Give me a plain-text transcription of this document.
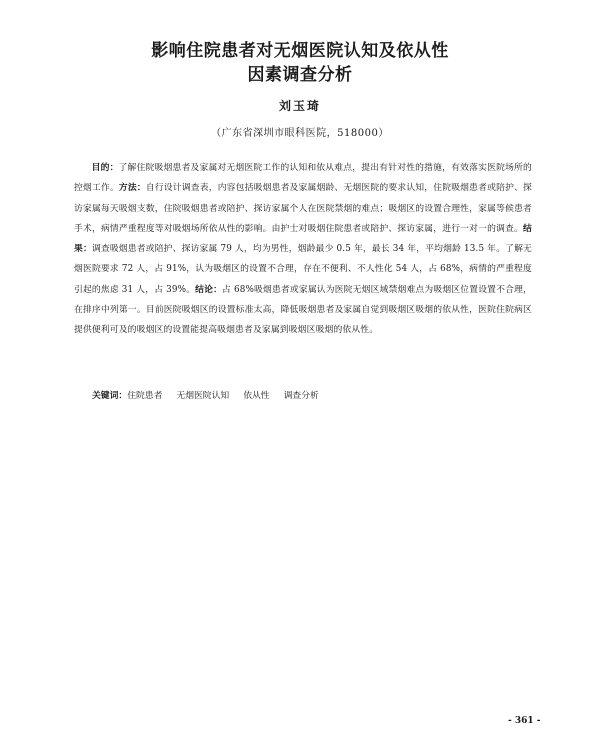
影响住院患者对无烟医院认知及依从性
因素调查分析
刘玉琦
（广东省深圳市眼科医院，518000）

目的：了解住院吸烟患者及家属对无烟医院工作的认知和依从难点，提出有针对性的措施，有效落实医院场所的控烟工作。方法：自行设计调查表，内容包括吸烟患者及家属烟龄、无烟医院的要求认知，住院吸烟患者或陪护、探访家属每天吸烟支数，住院吸烟患者或陪护、探访家属个人在医院禁烟的难点；吸烟区的设置合理性，家属等候患者手术，病情严重程度等对吸烟场所依从性的影响。由护士对吸烟住院患者或陪护、探访家属，进行一对一的调查。结果：调查吸烟患者或陪护、探访家属 79 人，均为男性，烟龄最少 0.5 年，最长 34 年，平均烟龄 13.5 年。了解无烟医院要求 72 人，占 91%，认为吸烟区的设置不合理，存在不便利、不人性化 54 人，占 68%，病情的严重程度引起的焦虑 31 人，占 39%。结论：占 68%吸烟患者或家属认为医院无烟区域禁烟难点为吸烟区位置设置不合理，在排序中列第一。目前医院吸烟区的设置标准太高，降低吸烟患者及家属自觉到吸烟区吸烟的依从性，医院住院病区提供便利可及的吸烟区的设置能提高吸烟患者及家属到吸烟区吸烟的依从性。

关键词：住院患者 无烟医院认知 依从性 调查分析
- 361 -
